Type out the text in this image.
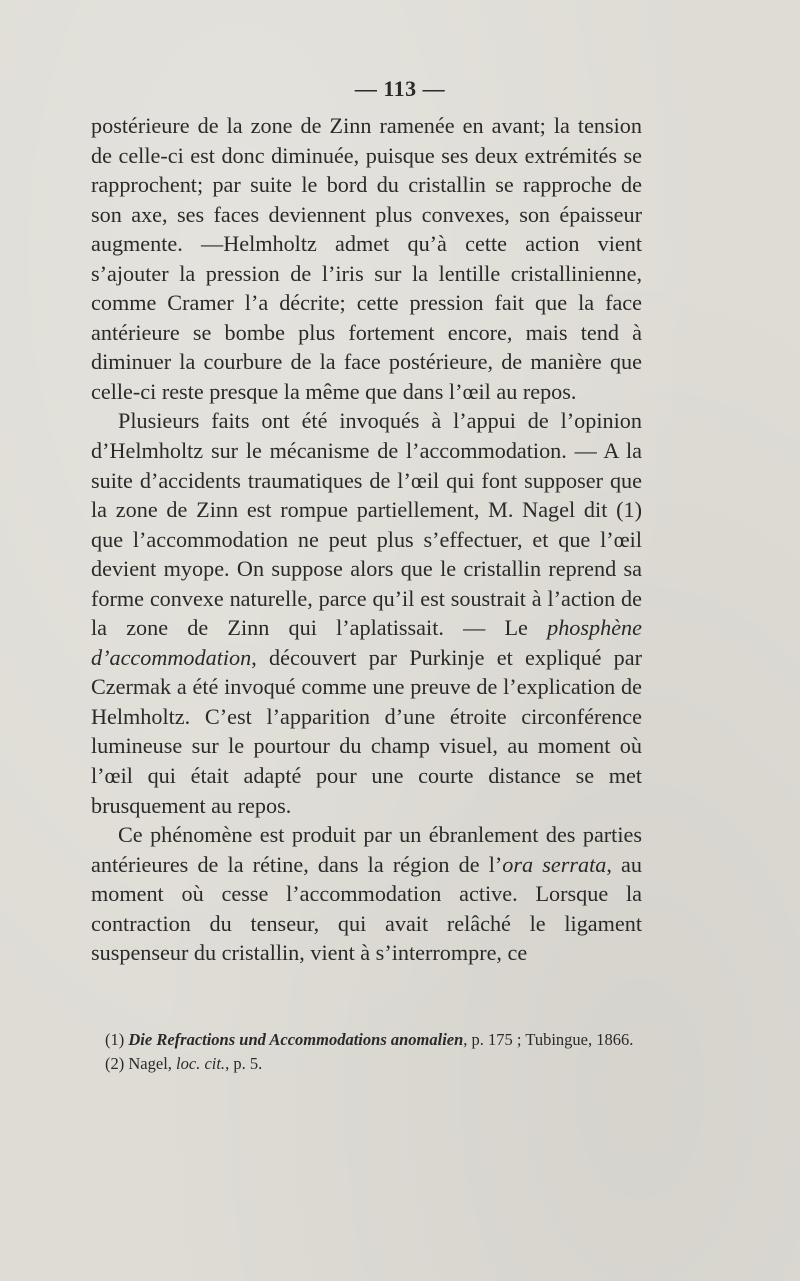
— 113 —

postérieure de la zone de Zinn ramenée en avant; la tension de celle-ci est donc diminuée, puisque ses deux extrémités se rapprochent; par suite le bord du cristallin se rapproche de son axe, ses faces deviennent plus convexes, son épaisseur augmente. —Helmholtz admet qu’à cette action vient s’ajouter la pression de l’iris sur la lentille cristallinienne, comme Cramer l’a décrite; cette pression fait que la face antérieure se bombe plus fortement encore, mais tend à diminuer la courbure de la face postérieure, de manière que celle-ci reste presque la même que dans l’œil au repos.

Plusieurs faits ont été invoqués à l’appui de l’opinion d’Helmholtz sur le mécanisme de l’accommodation. — A la suite d’accidents traumatiques de l’œil qui font supposer que la zone de Zinn est rompue partiellement, M. Nagel dit (1) que l’accommodation ne peut plus s’effectuer, et que l’œil devient myope. On suppose alors que le cristallin reprend sa forme convexe naturelle, parce qu’il est soustrait à l’action de la zone de Zinn qui l’aplatissait. — Le phosphène d’accommodation, découvert par Purkinje et expliqué par Czermak a été invoqué comme une preuve de l’explication de Helmholtz. C’est l’apparition d’une étroite circonférence lumineuse sur le pourtour du champ visuel, au moment où l’œil qui était adapté pour une courte distance se met brusquement au repos.

Ce phénomène est produit par un ébranlement des parties antérieures de la rétine, dans la région de l’ora serrata, au moment où cesse l’accommodation active. Lorsque la contraction du tenseur, qui avait relâché le ligament suspenseur du cristallin, vient à s’interrompre, ce

(1) Die Refractions und Accommodations anomalien, p. 175 ; Tubingue, 1866.

(2) Nagel, loc. cit., p. 5.
